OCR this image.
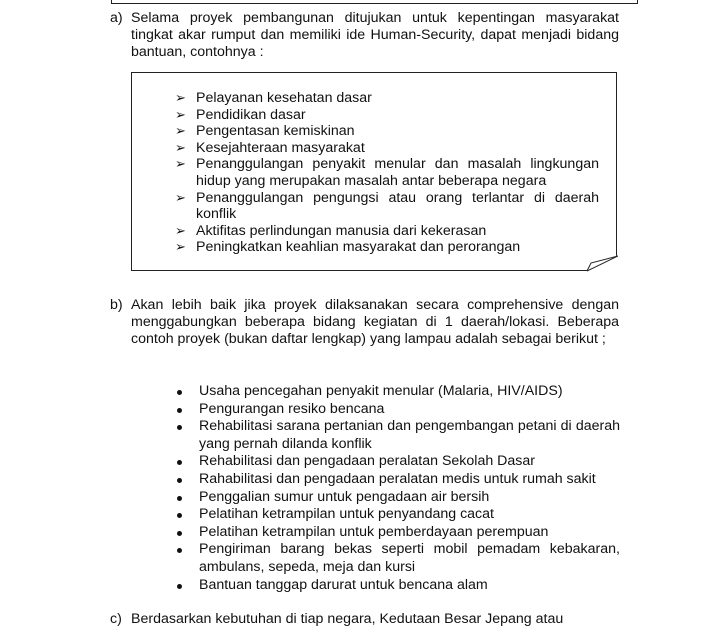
a) Selama proyek pembangunan ditujukan untuk kepentingan masyarakat tingkat akar rumput dan memiliki ide Human-Security, dapat menjadi bidang bantuan, contohnya :
➢ Pelayanan kesehatan dasar
➢ Pendidikan dasar
➢ Pengentasan kemiskinan
➢ Kesejahteraan masyarakat
➢ Penanggulangan penyakit menular dan masalah lingkungan hidup yang merupakan masalah antar beberapa negara
➢ Penanggulangan pengungsi atau orang terlantar di daerah konflik
➢ Aktifitas perlindungan manusia dari kekerasan
➢ Peningkatkan keahlian masyarakat dan perorangan
b) Akan lebih baik jika proyek dilaksanakan secara comprehensive dengan menggabungkan beberapa bidang kegiatan di 1 daerah/lokasi. Beberapa contoh proyek (bukan daftar lengkap) yang lampau adalah sebagai berikut ;
Usaha pencegahan penyakit menular (Malaria, HIV/AIDS)
Pengurangan resiko bencana
Rehabilitasi sarana pertanian dan pengembangan petani di daerah yang pernah dilanda konflik
Rehabilitasi dan pengadaan peralatan Sekolah Dasar
Rahabilitasi dan pengadaan peralatan medis untuk rumah sakit
Penggalian sumur untuk pengadaan air bersih
Pelatihan ketrampilan untuk penyandang cacat
Pelatihan ketrampilan untuk pemberdayaan perempuan
Pengiriman barang bekas seperti mobil pemadam kebakaran, ambulans, sepeda, meja dan kursi
Bantuan tanggap darurat untuk bencana alam
c) Berdasarkan kebutuhan di tiap negara, Kedutaan Besar Jepang atau
